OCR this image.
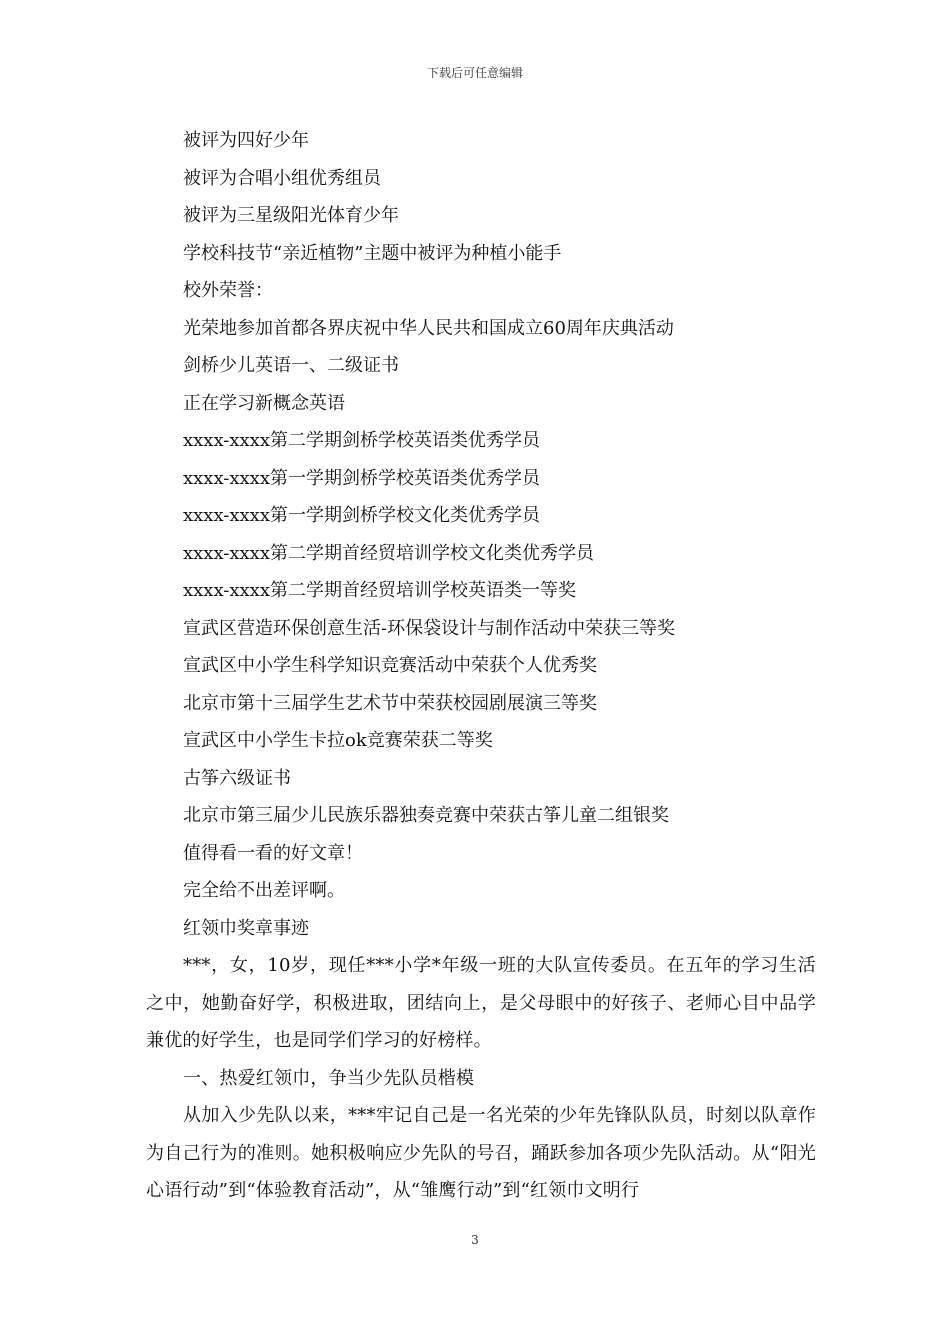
下载后可任意编辑
被评为四好少年
被评为合唱小组优秀组员
被评为三星级阳光体育少年
学校科技节“亲近植物”主题中被评为种植小能手
校外荣誉：
光荣地参加首都各界庆祝中华人民共和国成立60周年庆典活动
剑桥少儿英语一、二级证书
正在学习新概念英语
xxxx-xxxx第二学期剑桥学校英语类优秀学员
xxxx-xxxx第一学期剑桥学校英语类优秀学员
xxxx-xxxx第一学期剑桥学校文化类优秀学员
xxxx-xxxx第二学期首经贸培训学校文化类优秀学员
xxxx-xxxx第二学期首经贸培训学校英语类一等奖
宣武区营造环保创意生活-环保袋设计与制作活动中荣获三等奖
宣武区中小学生科学知识竞赛活动中荣获个人优秀奖
北京市第十三届学生艺术节中荣获校园剧展演三等奖
宣武区中小学生卡拉ok竞赛荣获二等奖
古筝六级证书
北京市第三届少儿民族乐器独奏竞赛中荣获古筝儿童二组银奖
值得看一看的好文章！
完全给不出差评啊。
红领巾奖章事迹
***，女，10岁，现任***小学*年级一班的大队宣传委员。在五年的学习生活之中，她勤奋好学，积极进取，团结向上，是父母眼中的好孩子、老师心目中品学兼优的好学生，也是同学们学习的好榜样。
一、热爱红领巾，争当少先队员楷模
从加入少先队以来，***牢记自己是一名光荣的少年先锋队队员，时刻以队章作为自己行为的准则。她积极响应少先队的号召，踊跃参加各项少先队活动。从“阳光心语行动”到“体验教育活动”，从“雏鹰行动”到“红领巾文明行
3
